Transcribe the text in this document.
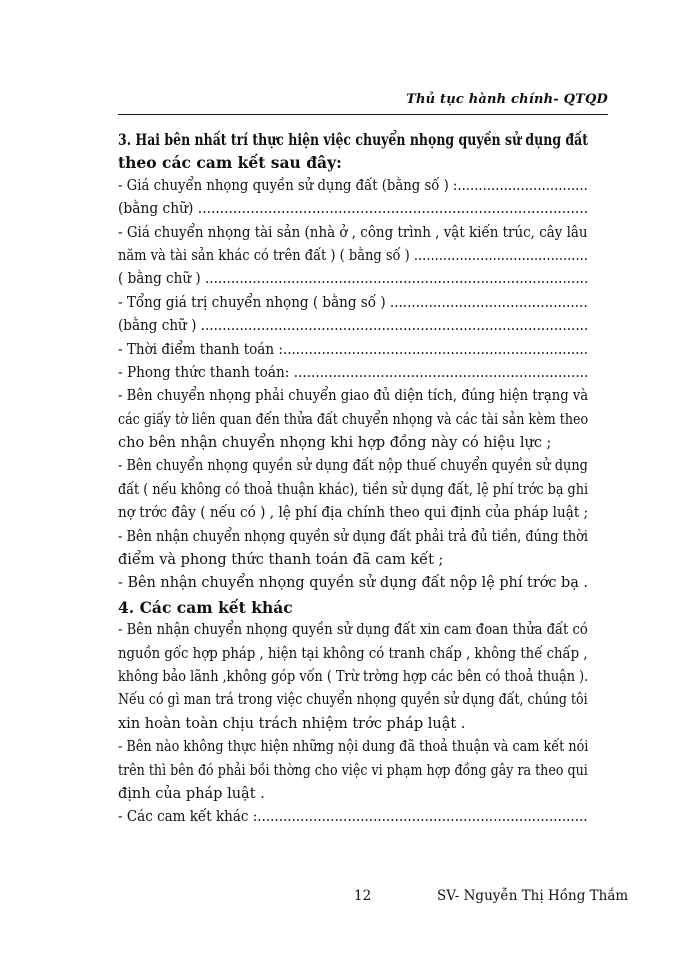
Thủ tục hành chính- QTQD
3. Hai bên nhất trí thực hiện việc chuyển nhọng quyền sử dụng đất
theo các cam kết sau đây:
- Giá chuyển nhọng quyền sử dụng đất (bằng số ) :...............................
(bằng chữ) .........................................................................................
- Giá chuyển nhọng tài sản (nhà ở , công trình , vật kiến trúc, cây lâu
năm và tài sản khác có trên đất ) ( bằng số ) ..........................................
( bằng chữ ) .........................................................................................
- Tổng giá trị chuyển nhọng ( bằng số ) ..............................................
(bằng chữ ) ..........................................................................................
- Thời điểm thanh toán :.......................................................................
- Phong thức thanh toán: ....................................................................
- Bên chuyển nhọng phải chuyển giao đủ diện tích, đúng hiện trạng và
các giấy tờ liên quan đến thửa đất chuyển nhọng và các tài sản kèm theo
cho bên nhận chuyển nhọng khi hợp đồng này có hiệu lực ;
- Bên chuyển nhọng quyền sử dụng đất nộp thuế chuyển quyền sử dụng
đất ( nếu không có thoả thuận khác), tiền sử dụng đất, lệ phí trớc bạ ghi
nợ trớc đây ( nếu có ) , lệ phí địa chính theo qui định của pháp luật ;
- Bên nhận chuyển nhọng quyền sử dụng đất phải trả đủ tiền, đúng thời
điểm và phong thức thanh toán đã cam kết ;
- Bên nhận chuyển nhọng quyền sử dụng đất nộp lệ phí trớc bạ .
4. Các cam kết khác
- Bên nhận chuyển nhọng quyền sử dụng đất xin cam đoan thửa đất có
nguồn gốc hợp pháp , hiện tại không có tranh chấp , không thế chấp ,
không bảo lãnh ,không góp vốn ( Trừ trờng hợp các bên có thoả thuận ).
Nếu có gì man trá trong việc chuyển nhọng quyền sử dụng đất, chúng tôi
xin hoàn toàn chịu trách nhiệm trớc pháp luật .
- Bên nào không thực hiện những nội dung đã thoả thuận và cam kết nói
trên thì bên đó phải bồi thờng cho việc vi phạm hợp đồng gây ra theo qui
định của pháp luật .
- Các cam kết khác :.............................................................................
12	SV- Nguyễn Thị Hồng Thắm
